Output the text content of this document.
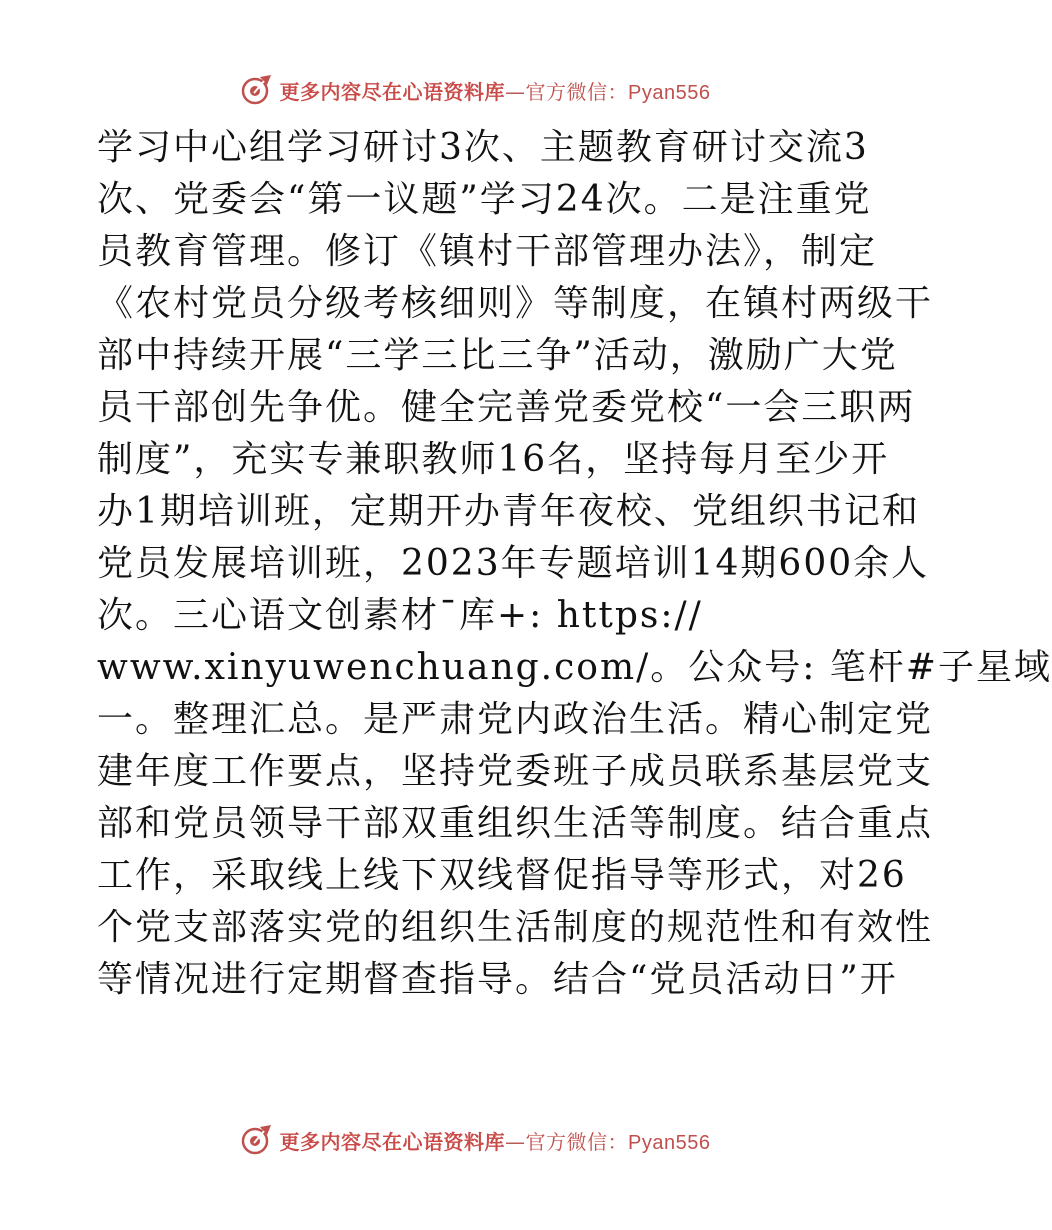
更多内容尽在心语资料库—官方微信：Pyan556
学习中心组学习研讨3次、主题教育研讨交流3
次、党委会“第一议题”学习24次。二是注重党
员教育管理。修订《镇村干部管理办法》，制定
《农村党员分级考核细则》等制度，在镇村两级干
部中持续开展“三学三比三争”活动，激励广大党
员干部创先争优。健全完善党委党校“一会三职两
制度”，充实专兼职教师16名，坚持每月至少开
办1期培训班，定期开办青年夜校、党组织书记和
党员发展培训班，2023年专题培训14期600余人
次。三心语文创素材¯库+: https://
www.xinyuwenchuang.com/。公众号: 笔杆#子星域
一。整理汇总。是严肃党内政治生活。精心制定党
建年度工作要点，坚持党委班子成员联系基层党支
部和党员领导干部双重组织生活等制度。结合重点
工作，采取线上线下双线督促指导等形式，对26
个党支部落实党的组织生活制度的规范性和有效性
等情况进行定期督查指导。结合“党员活动日”开
更多内容尽在心语资料库—官方微信：Pyan556
